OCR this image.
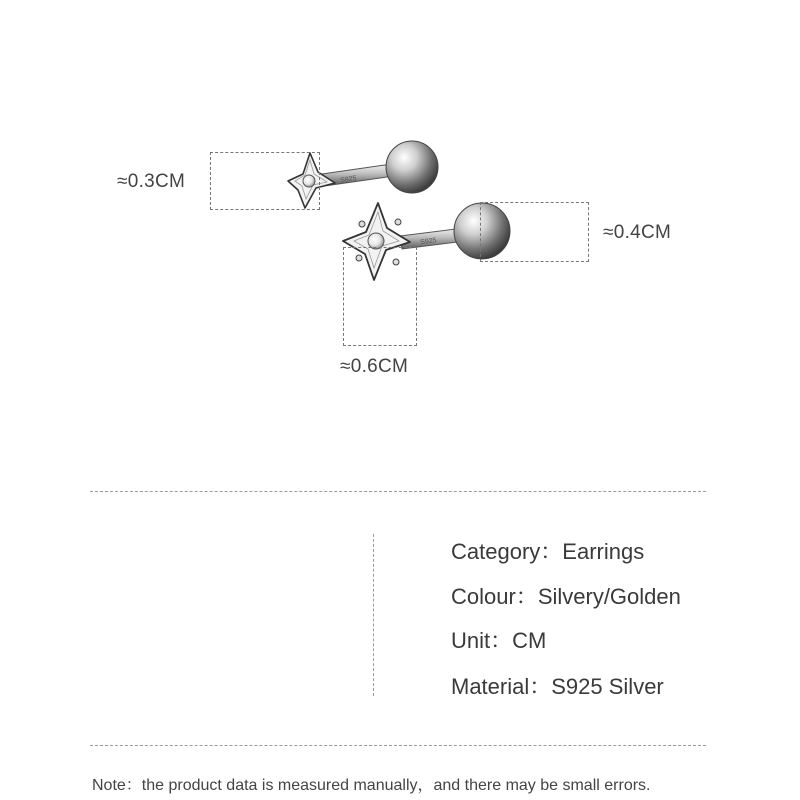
S925
S925
≈0.3CM
≈0.4CM
≈0.6CM
Category：Earrings
Colour：Silvery/Golden
Unit：CM
Material：S925 Silver
Note：the product data is measured manually，and there may be small errors.
